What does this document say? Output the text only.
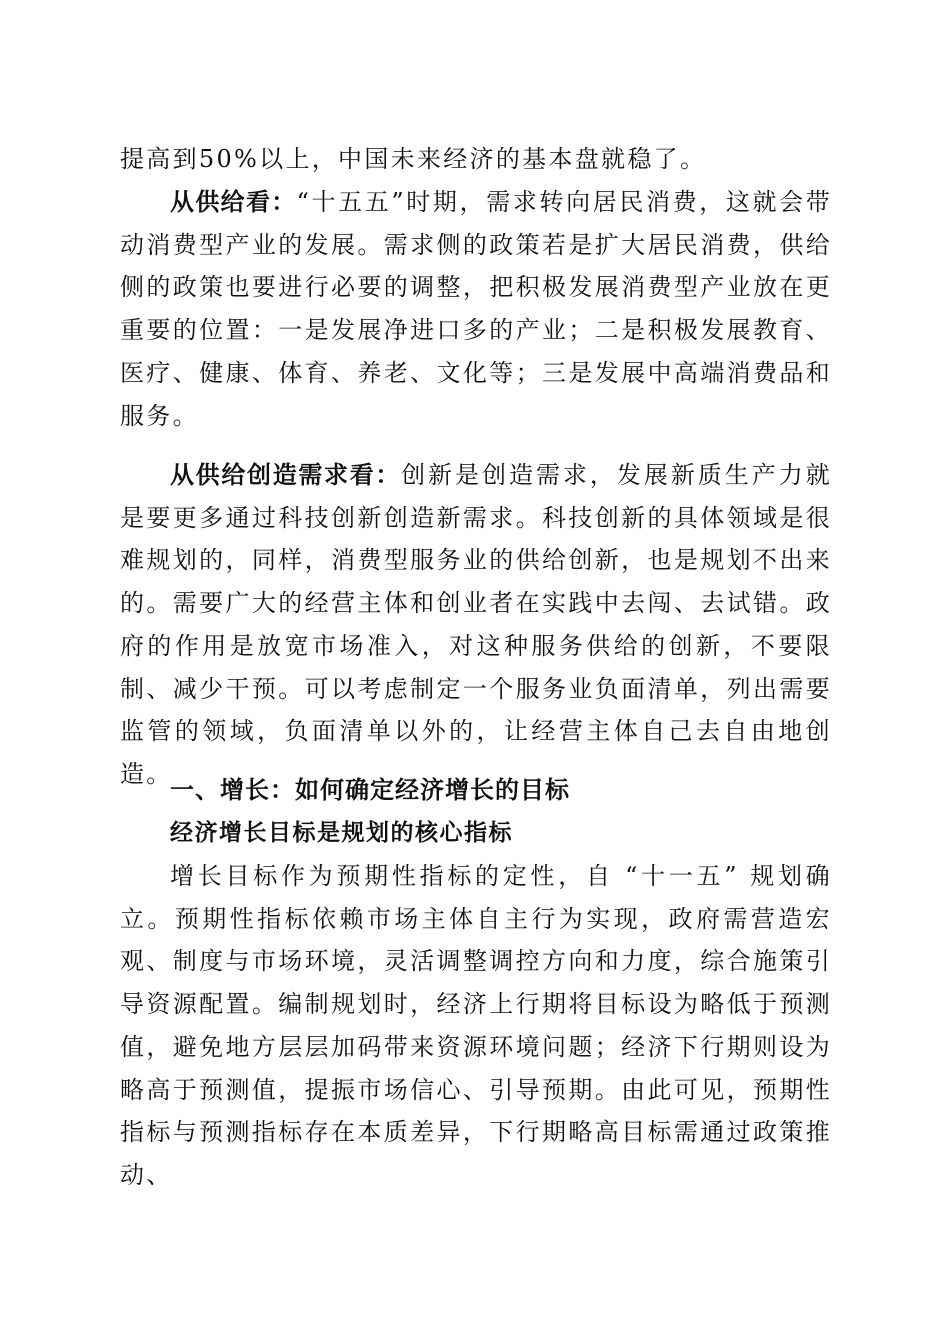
提高到50%以上，中国未来经济的基本盘就稳了。

从供给看：“十五五”时期，需求转向居民消费，这就会带动消费型产业的发展。需求侧的政策若是扩大居民消费，供给侧的政策也要进行必要的调整，把积极发展消费型产业放在更重要的位置：一是发展净进口多的产业；二是积极发展教育、医疗、健康、体育、养老、文化等；三是发展中高端消费品和服务。

从供给创造需求看：创新是创造需求，发展新质生产力就是要更多通过科技创新创造新需求。科技创新的具体领域是很难规划的，同样，消费型服务业的供给创新，也是规划不出来的。需要广大的经营主体和创业者在实践中去闯、去试错。政府的作用是放宽市场准入，对这种服务供给的创新，不要限制、减少干预。可以考虑制定一个服务业负面清单，列出需要监管的领域，负面清单以外的，让经营主体自己去自由地创造。

一、增长：如何确定经济增长的目标
经济增长目标是规划的核心指标

增长目标作为预期性指标的定性，自 “十一五” 规划确立。预期性指标依赖市场主体自主行为实现，政府需营造宏观、制度与市场环境，灵活调整调控方向和力度，综合施策引导资源配置。编制规划时，经济上行期将目标设为略低于预测值，避免地方层层加码带来资源环境问题；经济下行期则设为略高于预测值，提振市场信心、引导预期。由此可见，预期性指标与预测指标存在本质差异，下行期略高目标需通过政策推动、
